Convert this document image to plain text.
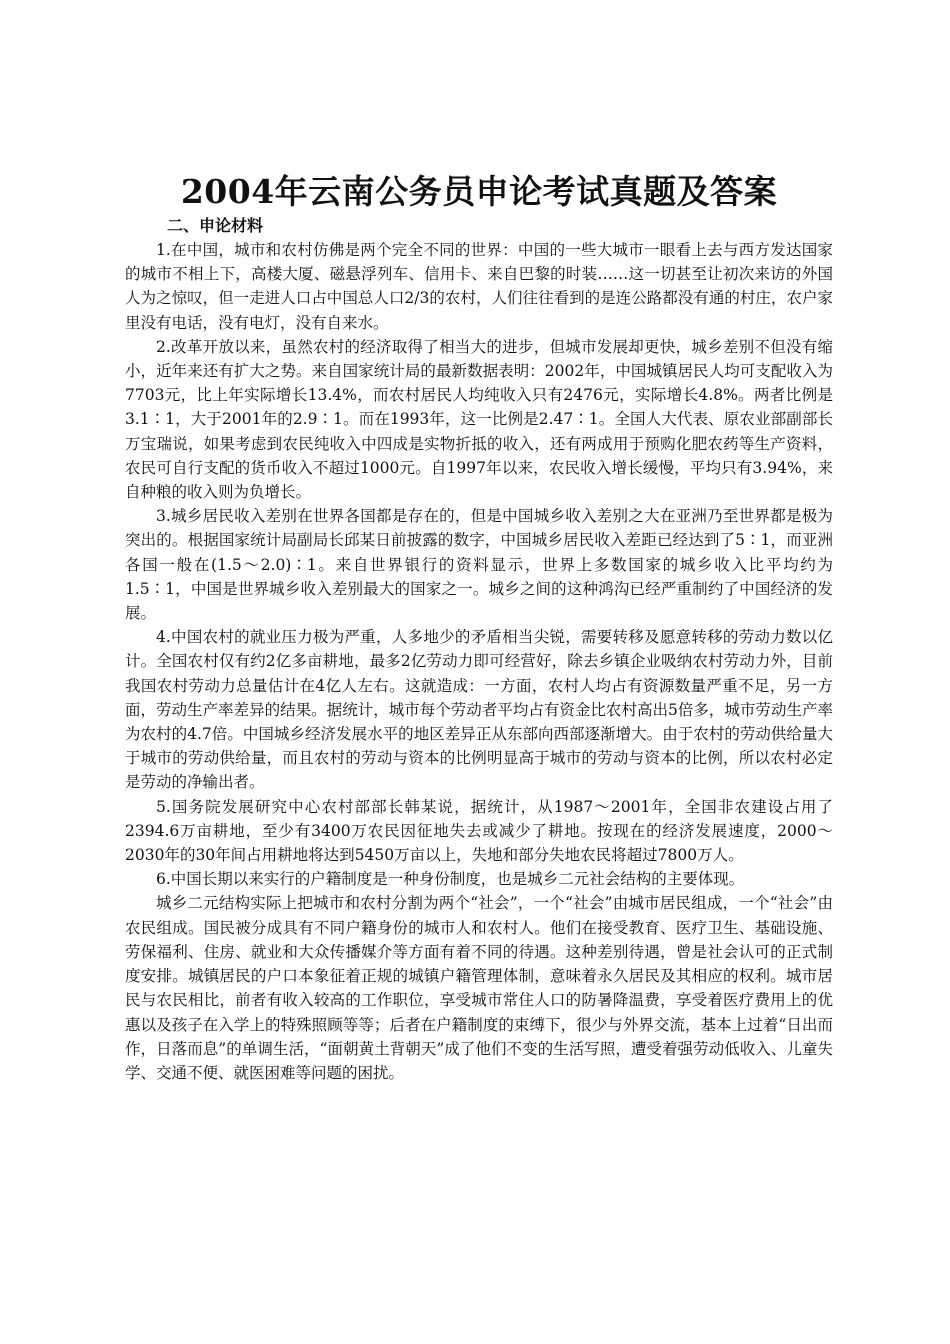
2004年云南公务员申论考试真题及答案
二、申论材料

1.在中国，城市和农村仿佛是两个完全不同的世界：中国的一些大城市一眼看上去与西方发达国家的城市不相上下，高楼大厦、磁悬浮列车、信用卡、来自巴黎的时装……这一切甚至让初次来访的外国人为之惊叹，但一走进人口占中国总人口2/3的农村，人们往往看到的是连公路都没有通的村庄，农户家里没有电话，没有电灯，没有自来水。

2.改革开放以来，虽然农村的经济取得了相当大的进步，但城市发展却更快，城乡差别不但没有缩小，近年来还有扩大之势。来自国家统计局的最新数据表明：2002年，中国城镇居民人均可支配收入为7703元，比上年实际增长13.4%，而农村居民人均纯收入只有2476元，实际增长4.8%。两者比例是3.1∶1，大于2001年的2.9∶1。而在1993年，这一比例是2.47∶1。全国人大代表、原农业部副部长万宝瑞说，如果考虑到农民纯收入中四成是实物折抵的收入，还有两成用于预购化肥农药等生产资料，农民可自行支配的货币收入不超过1000元。自1997年以来，农民收入增长缓慢，平均只有3.94%，来自种粮的收入则为负增长。

3.城乡居民收入差别在世界各国都是存在的，但是中国城乡收入差别之大在亚洲乃至世界都是极为突出的。根据国家统计局副局长邱某日前披露的数字，中国城乡居民收入差距已经达到了5∶1，而亚洲各国一般在(1.5～2.0)∶1。来自世界银行的资料显示，世界上多数国家的城乡收入比平均约为1.5∶1，中国是世界城乡收入差别最大的国家之一。城乡之间的这种鸿沟已经严重制约了中国经济的发展。

4.中国农村的就业压力极为严重，人多地少的矛盾相当尖锐，需要转移及愿意转移的劳动力数以亿计。全国农村仅有约2亿多亩耕地，最多2亿劳动力即可经营好，除去乡镇企业吸纳农村劳动力外，目前我国农村劳动力总量估计在4亿人左右。这就造成：一方面，农村人均占有资源数量严重不足，另一方面，劳动生产率差异的结果。据统计，城市每个劳动者平均占有资金比农村高出5倍多，城市劳动生产率为农村的4.7倍。中国城乡经济发展水平的地区差异正从东部向西部逐渐增大。由于农村的劳动供给量大于城市的劳动供给量，而且农村的劳动与资本的比例明显高于城市的劳动与资本的比例，所以农村必定是劳动的净输出者。

5.国务院发展研究中心农村部部长韩某说，据统计，从1987～2001年，全国非农建设占用了2394.6万亩耕地，至少有3400万农民因征地失去或减少了耕地。按现在的经济发展速度，2000～2030年的30年间占用耕地将达到5450万亩以上，失地和部分失地农民将超过7800万人。

6.中国长期以来实行的户籍制度是一种身份制度，也是城乡二元社会结构的主要体现。

城乡二元结构实际上把城市和农村分割为两个“社会”，一个“社会”由城市居民组成，一个“社会”由农民组成。国民被分成具有不同户籍身份的城市人和农村人。他们在接受教育、医疗卫生、基础设施、劳保福利、住房、就业和大众传播媒介等方面有着不同的待遇。这种差别待遇，曾是社会认可的正式制度安排。城镇居民的户口本象征着正规的城镇户籍管理体制，意味着永久居民及其相应的权利。城市居民与农民相比，前者有收入较高的工作职位，享受城市常住人口的防暑降温费，享受着医疗费用上的优惠以及孩子在入学上的特殊照顾等等；后者在户籍制度的束缚下，很少与外界交流，基本上过着“日出而作，日落而息”的单调生活，“面朝黄土背朝天”成了他们不变的生活写照，遭受着强劳动低收入、儿童失学、交通不便、就医困难等问题的困扰。
